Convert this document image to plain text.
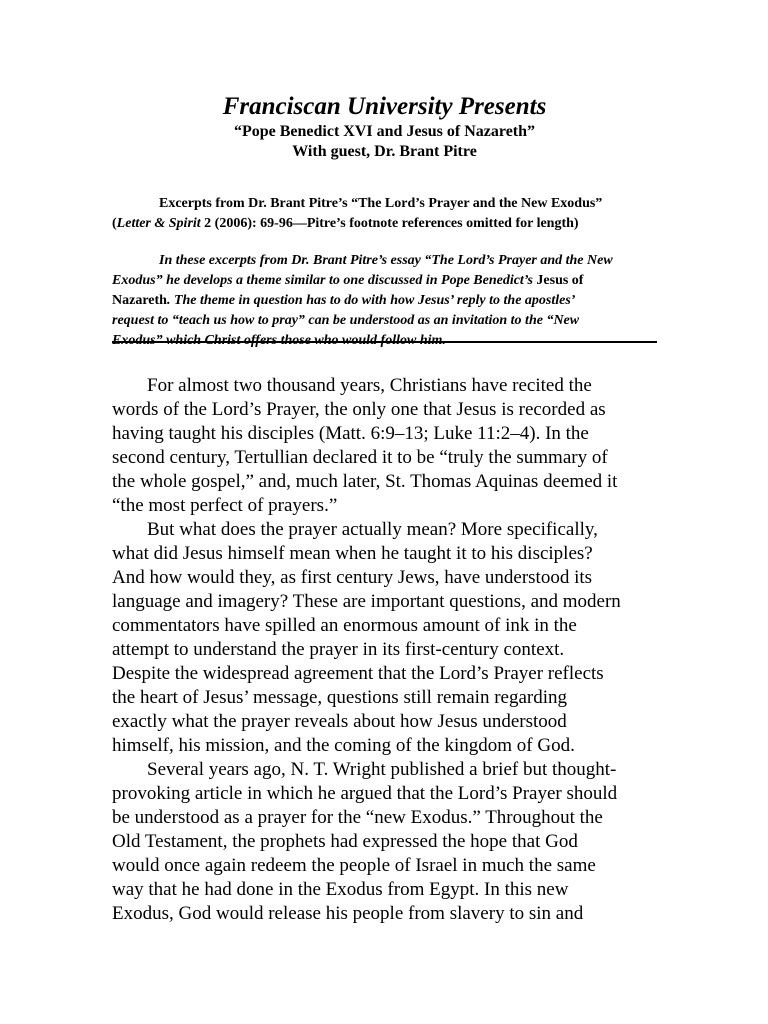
Franciscan University Presents

“Pope Benedict XVI and Jesus of Nazareth”

With guest, Dr. Brant Pitre

Excerpts from Dr. Brant Pitre’s “The Lord’s Prayer and the New Exodus”
(Letter & Spirit 2 (2006): 69-96—Pitre’s footnote references omitted for length)
In these excerpts from Dr. Brant Pitre’s essay “The Lord’s Prayer and the New
Exodus” he develops a theme similar to one discussed in Pope Benedict’s Jesus of
Nazareth. The theme in question has to do with how Jesus’ reply to the apostles’
request to “teach us how to pray” can be understood as an invitation to the “New
Exodus” which Christ offers those who would follow him.
For almost two thousand years, Christians have recited the
words of the Lord’s Prayer, the only one that Jesus is recorded as
having taught his disciples (Matt. 6:9–13; Luke 11:2–4). In the
second century, Tertullian declared it to be “truly the summary of
the whole gospel,” and, much later, St. Thomas Aquinas deemed it
“the most perfect of prayers.”
But what does the prayer actually mean? More specifically,
what did Jesus himself mean when he taught it to his disciples?
And how would they, as first century Jews, have understood its
language and imagery? These are important questions, and modern
commentators have spilled an enormous amount of ink in the
attempt to understand the prayer in its first-century context.
Despite the widespread agreement that the Lord’s Prayer reflects
the heart of Jesus’ message, questions still remain regarding
exactly what the prayer reveals about how Jesus understood
himself, his mission, and the coming of the kingdom of God.
Several years ago, N. T. Wright published a brief but thought-
provoking article in which he argued that the Lord’s Prayer should
be understood as a prayer for the “new Exodus.” Throughout the
Old Testament, the prophets had expressed the hope that God
would once again redeem the people of Israel in much the same
way that he had done in the Exodus from Egypt. In this new
Exodus, God would release his people from slavery to sin and
